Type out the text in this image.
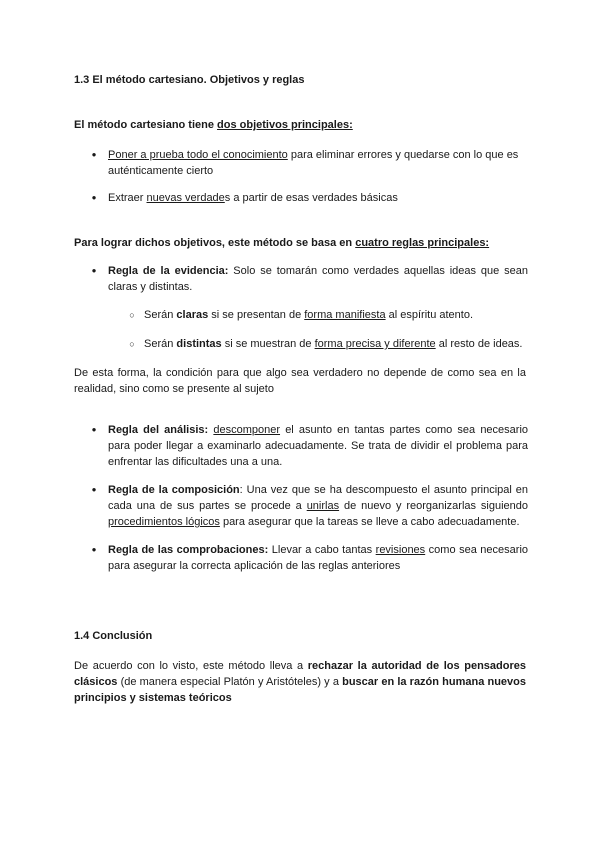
1.3 El método cartesiano. Objetivos y reglas
El método cartesiano tiene dos objetivos principales:
●	Poner a prueba todo el conocimiento para eliminar errores y quedarse con lo que es auténticamente cierto
●	Extraer nuevas verdades a partir de esas verdades básicas
Para lograr dichos objetivos, este método se basa en cuatro reglas principales:
●	Regla de la evidencia: Solo se tomarán como verdades aquellas ideas que sean claras y distintas.
○ Serán claras si se presentan de forma manifiesta al espíritu atento.
○ Serán distintas si se muestran de forma precisa y diferente al resto de ideas.
De esta forma, la condición para que algo sea verdadero no depende de como sea en la realidad, sino como se presente al sujeto
●	Regla del análisis: descomponer el asunto en tantas partes como sea necesario para poder llegar a examinarlo adecuadamente. Se trata de dividir el problema para enfrentar las dificultades una a una.
●	Regla de la composición: Una vez que se ha descompuesto el asunto principal en cada una de sus partes se procede a unirlas de nuevo y reorganizarlas siguiendo procedimientos lógicos para asegurar que la tareas se lleve a cabo adecuadamente.
●	Regla de las comprobaciones: Llevar a cabo tantas revisiones como sea necesario para asegurar la correcta aplicación de las reglas anteriores
1.4 Conclusión
De acuerdo con lo visto, este método lleva a rechazar la autoridad de los pensadores clásicos (de manera especial Platón y Aristóteles) y a buscar en la razón humana nuevos principios y sistemas teóricos
